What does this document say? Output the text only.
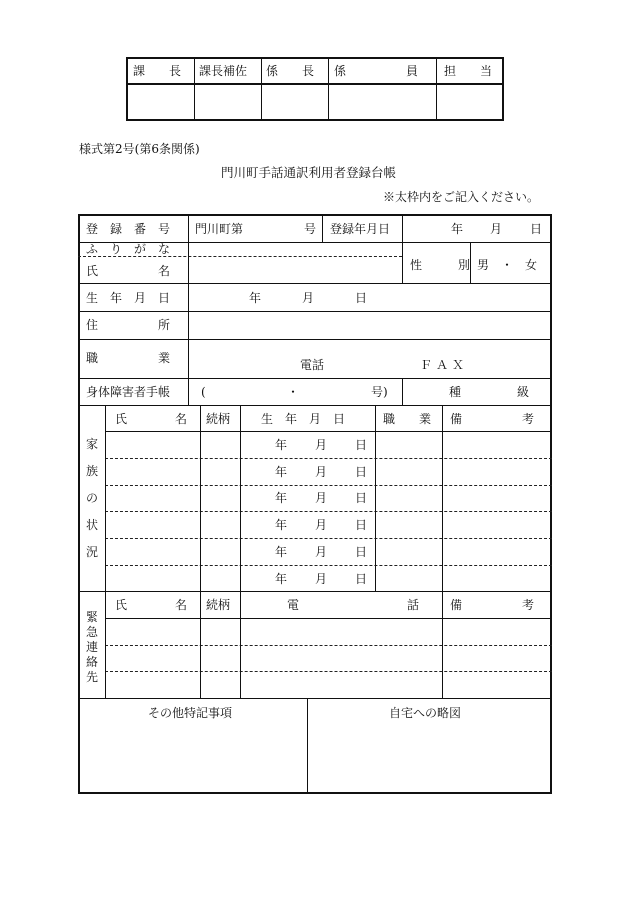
課　　長 課長補佐 係　　長 係　　　　　員 担　　当
様式第2号(第6条関係)
門川町手話通訳利用者登録台帳
※太枠内をご記入ください。
登　録　番　号 門川町第	号 登録年月日	年 月 日
ふ　り　が　な
氏　　　　　名	性　　　別 男　・　女
生　年　月　日	年	月	日
住　　　　　所
職　　　　　業	電話	ＦＡＸ
身体障害者手帳	(	・	号)	種	級
家
族
の
状
況
氏　　　　名 続柄	生　年　月　日	職　　業 備　　　　　考
年 月 日
年 月 日
年 月 日
年 月 日
年 月 日
年 月 日
緊
急
連
絡
先
氏　　　　名 続柄	電　　　　　　　　　話	備　　　　　考
その他特記事項	自宅への略図
